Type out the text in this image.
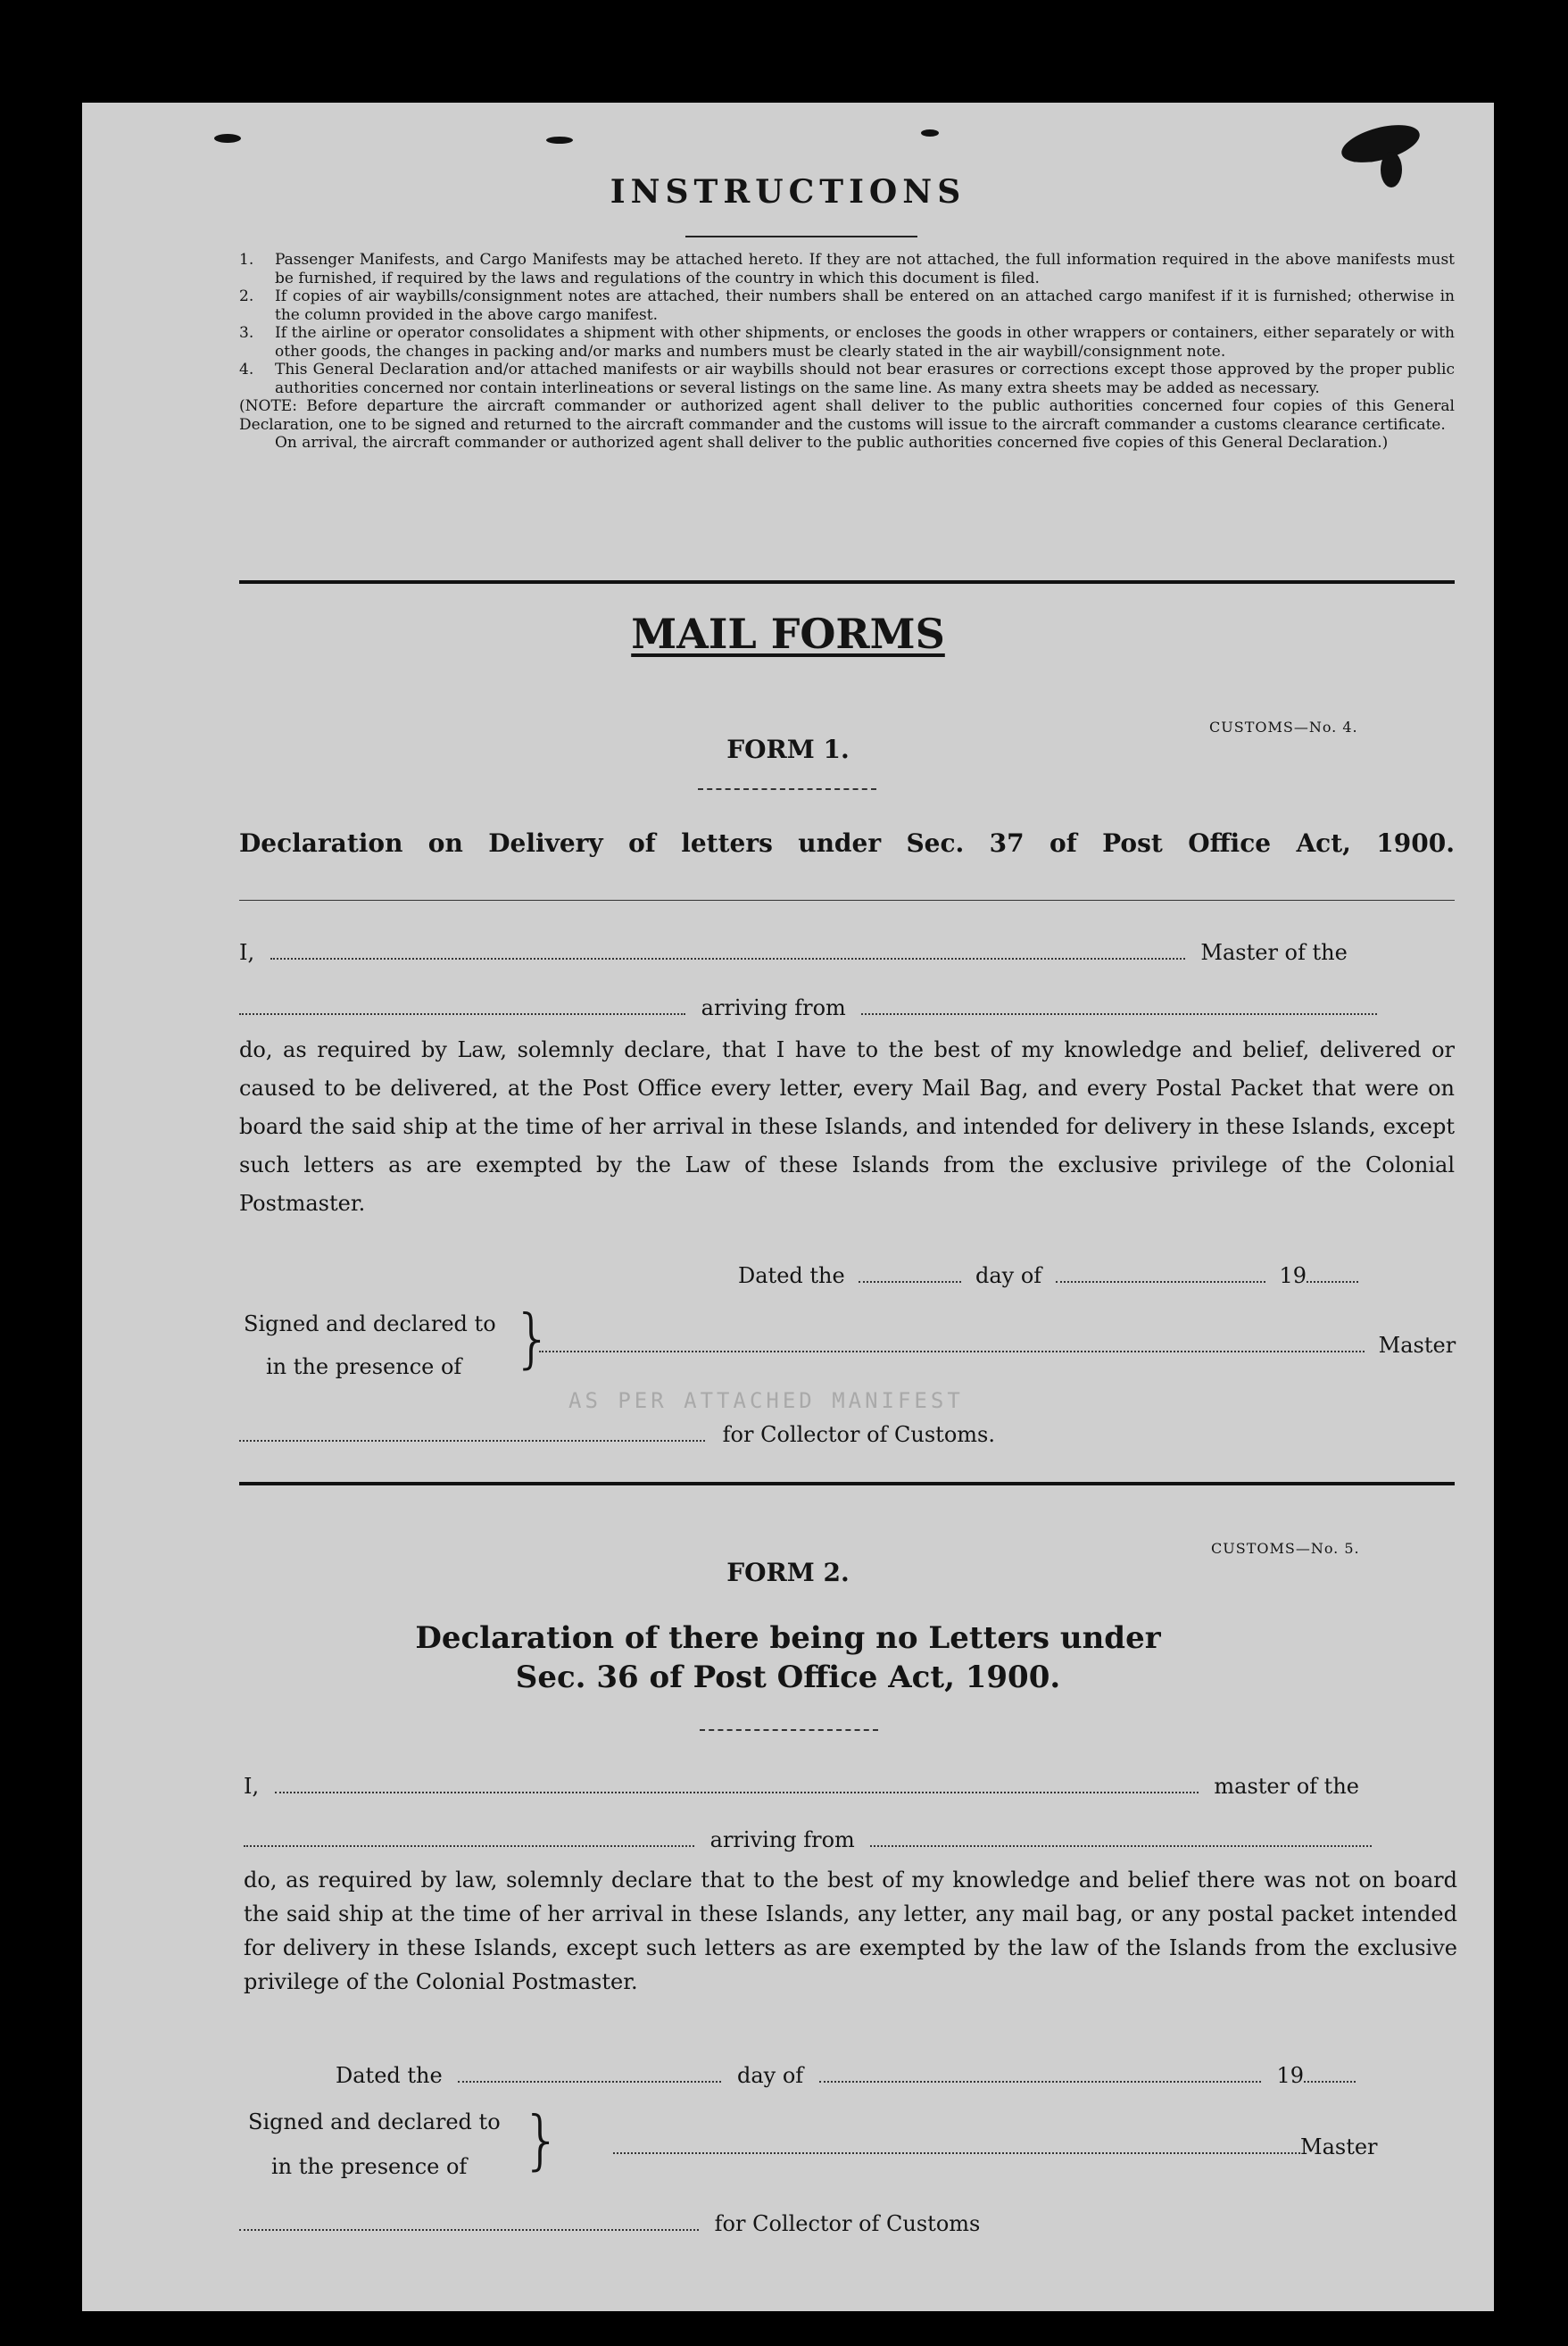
INSTRUCTIONS
1. Passenger Manifests, and Cargo Manifests may be attached hereto. If they are not attached, the full information required in the above manifests must be furnished, if required by the laws and regulations of the country in which this document is filed.
2. If copies of air waybills/consignment notes are attached, their numbers shall be entered on an attached cargo manifest if it is furnished; otherwise in the column provided in the above cargo manifest.
3. If the airline or operator consolidates a shipment with other shipments, or encloses the goods in other wrappers or containers, either separately or with other goods, the changes in packing and/or marks and numbers must be clearly stated in the air waybill/consignment note.
4. This General Declaration and/or attached manifests or air waybills should not bear erasures or corrections except those approved by the proper public authorities concerned nor contain interlineations or several listings on the same line. As many extra sheets may be added as necessary.
(NOTE: Before departure the aircraft commander or authorized agent shall deliver to the public authorities concerned four copies of this General Declaration, one to be signed and returned to the aircraft commander and the customs will issue to the aircraft commander a customs clearance certificate.
On arrival, the aircraft commander or authorized agent shall deliver to the public authorities concerned five copies of this General Declaration.)
MAIL FORMS
CUSTOMS—No. 4.
FORM 1.
Declaration on Delivery of letters under Sec. 37 of Post Office Act, 1900.
I,	Master of the
arriving from
do, as required by Law, solemnly declare, that I have to the best of my knowledge and belief, delivered or caused to be delivered, at the Post Office every letter, every Mail Bag, and every Postal Packet that were on board the said ship at the time of her arrival in these Islands, and intended for delivery in these Islands, except such letters as are exempted by the Law of these Islands from the exclusive privilege of the Colonial Postmaster.
Dated the	day of	19
Signed and declared to
in the presence of }	Master
AS PER ATTACHED MANIFEST
for Collector of Customs.
CUSTOMS—No. 5.
FORM 2.
Declaration of there being no Letters under
Sec. 36 of Post Office Act, 1900.
I,	master of the
arriving from
do, as required by law, solemnly declare that to the best of my knowledge and belief there was not on board the said ship at the time of her arrival in these Islands, any letter, any mail bag, or any postal packet intended for delivery in these Islands, except such letters as are exempted by the law of the Islands from the exclusive privilege of the Colonial Postmaster.
Dated the	day of	19
Signed and declared to
in the presence of }	Master
for Collector of Customs
